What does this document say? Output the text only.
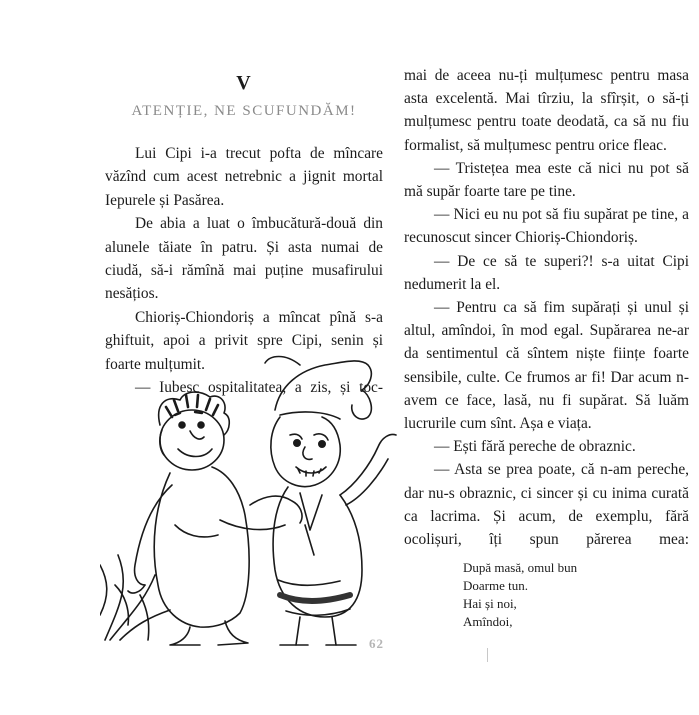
V
ATENȚIE, NE SCUFUNDĂM!

Lui Cipi i-a trecut pofta de mîncare văzînd cum acest netrebnic a jignit mortal Iepurele și Pasărea.

De abia a luat o îmbucătură-două din alunele tăiate în patru. Și asta numai de ciudă, să-i rămînă mai puține musafirului nesățios.

Chioriș-Chiondoriș a mîncat pînă s-a ghiftuit, apoi a privit spre Cipi, senin și foarte mulțumit.

— Iubesc ospitalitatea, a zis, și toc-

mai de aceea nu-ți mulțumesc pentru masa asta excelentă. Mai tîrziu, la sfîrșit, o să-ți mulțumesc pentru toate deodată, ca să nu fiu formalist, să mulțumesc pentru orice fleac.

— Tristețea mea este că nici nu pot să mă supăr foarte tare pe tine.

— Nici eu nu pot să fiu supărat pe tine, a recunoscut sincer Chioriș-Chiondoriș.

— De ce să te superi?! s-a uitat Cipi nedumerit la el.

— Pentru ca să fim supărați și unul și altul, amîndoi, în mod egal. Supărarea ne-ar da sentimentul că sîntem niște ființe foarte sensibile, culte. Ce frumos ar fi! Dar acum n-avem ce face, lasă, nu fi supărat. Să luăm lucrurile cum sînt. Așa e viața.

— Ești fără pereche de obraznic.

— Asta se prea poate, că n-am pereche, dar nu-s obraznic, ci sincer și cu inima curată ca lacrima. Și acum, de exemplu, fără ocolișuri, îți spun părerea mea:

După masă, omul bun
Doarme tun.
Hai și noi,
Amîndoi,
62
